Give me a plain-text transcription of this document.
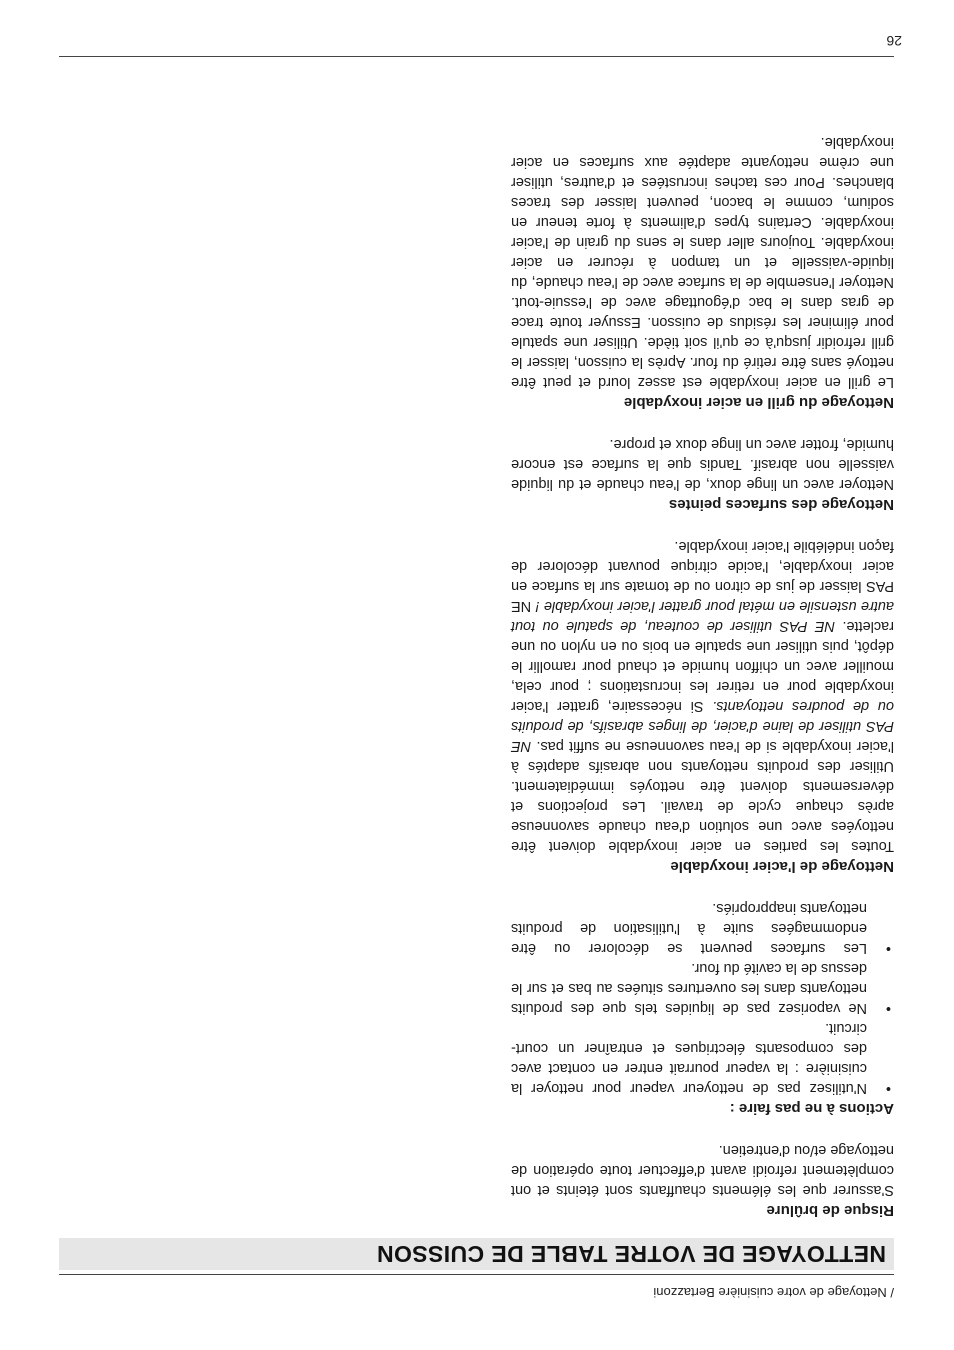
/ Nettoyage de votre cuisinière Bertazzoni
NETTOYAGE DE VOTRE TABLE DE CUISSON
Risque de brûlure

S'assurer que les éléments chauffants sont éteints et ont complètement refroidi avant d'effectuer toute opération de nettoyage et/ou d'entretien.

Actions à ne pas faire :
• N'utilisez pas de nettoyeur vapeur pour nettoyer la cuisinière : la vapeur pourrait entrer en contact avec des composants électriques et entraîner un court-circuit.
• Ne vaporisez pas de liquides tels que des produits nettoyants dans les ouvertures situées au bas et sur le dessus de la cavité du four.
• Les surfaces peuvent se décolorer ou être endommagées suite à l'utilisation de produits nettoyants inappropriés.
Nettoyage de l'acier inoxydable

Toutes les parties en acier inoxydable doivent être nettoyées avec une solution d'eau chaude savonneuse après chaque cycle de travail. Les projections et déversements doivent être nettoyés immédiatement. Utiliser des produits nettoyants non abrasifs adaptés à l'acier inoxydable si de l'eau savonneuse ne suffit pas. NE PAS utiliser de laine d'acier, de linges abrasifs, de produits ou de poudres nettoyants. Si nécessaire, gratter l'acier inoxydable pour en retirer les incrustations ; pour cela, mouiller avec un chiffon humide et chaud pour ramollir le dépôt, puis utiliser une spatule en bois ou en nylon ou une raclette. NE PAS utiliser de couteau, de spatule ou tout autre ustensile en métal pour gratter l'acier inoxydable ! NE PAS laisser de jus de citron ou de tomate sur la surface en acier inoxydable, l'acide citrique pouvant décolorer de façon indélébile l'acier inoxydable.

Nettoyage des surfaces peintes

Nettoyer avec un linge doux, de l'eau chaude et du liquide vaisselle non abrasif. Tandis que la surface est encore humide, frotter avec un linge doux et propre.

Nettoyage du grill en acier inoxydable

Le grill en acier inoxydable est assez lourd et peut être nettoyé sans être retiré du four. Après la cuisson, laisser le grill refroidir jusqu'à ce qu'il soit tiède. Utiliser une spatule pour éliminer les résidus de cuisson. Essuyer toute trace de gras dans le bac d'égouttage avec de l'essuie-tout. Nettoyer l'ensemble de la surface avec de l'eau chaude, du liquide-vaisselle et un tampon à récurer en acier inoxydable. Toujours aller dans le sens du grain de l'acier inoxydable. Certains types d'aliments à forte teneur en sodium, comme le bacon, peuvent laisser des traces blanches. Pour ces taches incrustées et d'autres, utiliser une crème nettoyante adaptée aux surfaces en acier inoxydable.

26
